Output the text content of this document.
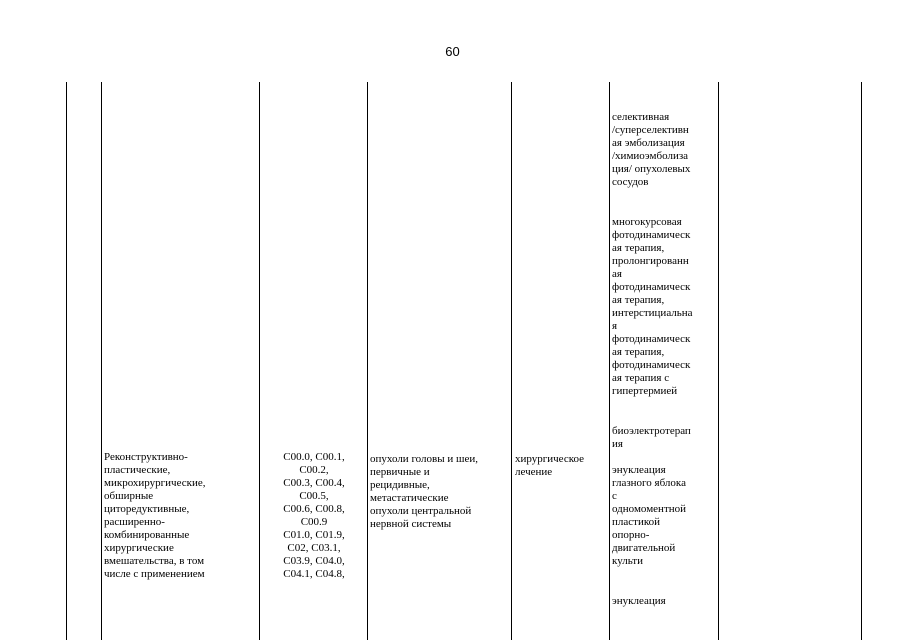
60
Реконструктивно-
пластические,
микрохирургические,
обширные
циторедуктивные,
расширенно-
комбинированные
хирургические
вмешательства, в том
числе с применением
С00.0, С00.1,
С00.2,
С00.3, С00.4,
С00.5,
С00.6, С00.8,
С00.9
С01.0, С01.9,
С02, С03.1,
С03.9, С04.0,
С04.1, С04.8,
опухоли головы и шеи,
первичные и
рецидивные,
метастатические
опухоли центральной
нервной системы
хирургическое
лечение

селективная
/суперселективн
ая эмболизация
/химиоэмболиза
ция/ опухолевых
сосудов

многокурсовая
фотодинамическ
ая терапия,
пролонгированн
ая
фотодинамическ
ая терапия,
интерстициальна
я
фотодинамическ
ая терапия,
фотодинамическ
ая терапия с
гипертермией

биоэлектротерап
ия

энуклеация
глазного яблока
с
одномоментной
пластикой
опорно-
двигательной
культи

энуклеация
